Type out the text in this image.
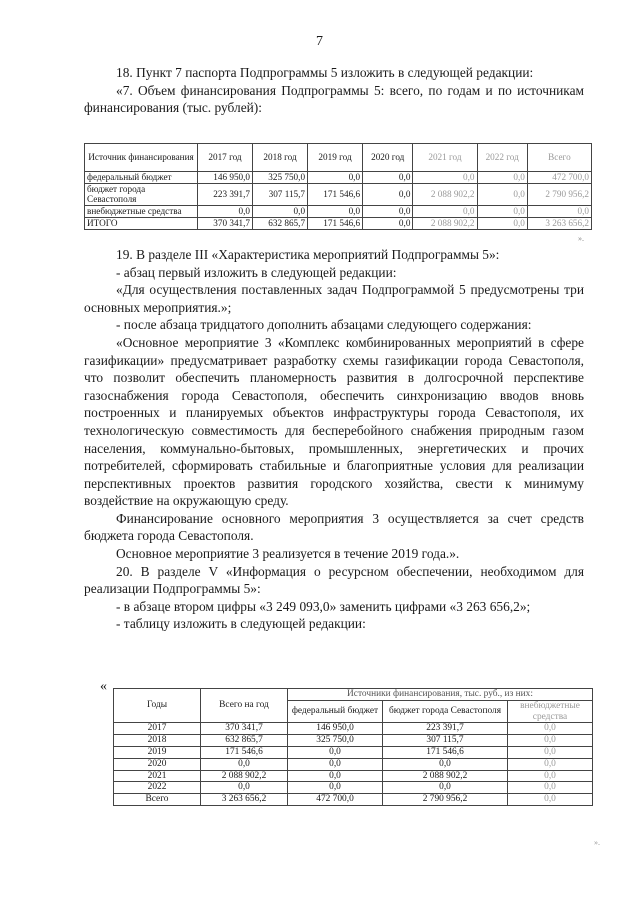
7

18. Пункт 7 паспорта Подпрограммы 5 изложить в следующей редакции:

«7. Объем финансирования Подпрограммы 5: всего, по годам и по источникам финансирования (тыс. рублей):

Источник финансирования	2017 год	2018 год	2019 год	2020 год	2021 год	2022 год	Всего
федеральный бюджет	146 950,0	325 750,0	0,0	0,0	0,0	0,0	472 700,0
бюджет города Севастополя	223 391,7	307 115,7	171 546,6	0,0	2 088 902,2	0,0	2 790 956,2
внебюджетные средства	0,0	0,0	0,0	0,0	0,0	0,0	0,0
ИТОГО	370 341,7	632 865,7	171 546,6	0,0	2 088 902,2	0,0	3 263 656,2
».

19. В разделе III «Характеристика мероприятий Подпрограммы 5»:

- абзац первый изложить в следующей редакции:

«Для осуществления поставленных задач Подпрограммой 5 предусмотрены три основных мероприятия.»;

- после абзаца тридцатого дополнить абзацами следующего содержания:

«Основное мероприятие 3 «Комплекс комбинированных мероприятий в сфере газификации» предусматривает разработку схемы газификации города Севастополя, что позволит обеспечить планомерность развития в долгосрочной перспективе газоснабжения города Севастополя, обеспечить синхронизацию вводов вновь построенных и планируемых объектов инфраструктуры города Севастополя, их технологическую совместимость для бесперебойного снабжения природным газом населения, коммунально-бытовых, промышленных, энергетических и прочих потребителей, сформировать стабильные и благоприятные условия для реализации перспективных проектов развития городского хозяйства, свести к минимуму воздействие на окружающую среду.

Финансирование основного мероприятия 3 осуществляется за счет средств бюджета города Севастополя.

Основное мероприятие 3 реализуется в течение 2019 года.».

20. В разделе V «Информация о ресурсном обеспечении, необходимом для реализации Подпрограммы 5»:

- в абзаце втором цифры «3 249 093,0» заменить цифрами «3 263 656,2»;

- таблицу изложить в следующей редакции:

«
Годы	Всего на год	Источники финансирования, тыс. руб., из них:		
		федеральный бюджет	бюджет города Севастополя	внебюджетные средства
2017	370 341,7	146 950,0	223 391,7	0,0
2018	632 865,7	325 750,0	307 115,7	0,0
2019	171 546,6	0,0	171 546,6	0,0
2020	0,0	0,0	0,0	0,0
2021	2 088 902,2	0,0	2 088 902,2	0,0
2022	0,0	0,0	0,0	0,0
Всего	3 263 656,2	472 700,0	2 790 956,2	0,0
».
